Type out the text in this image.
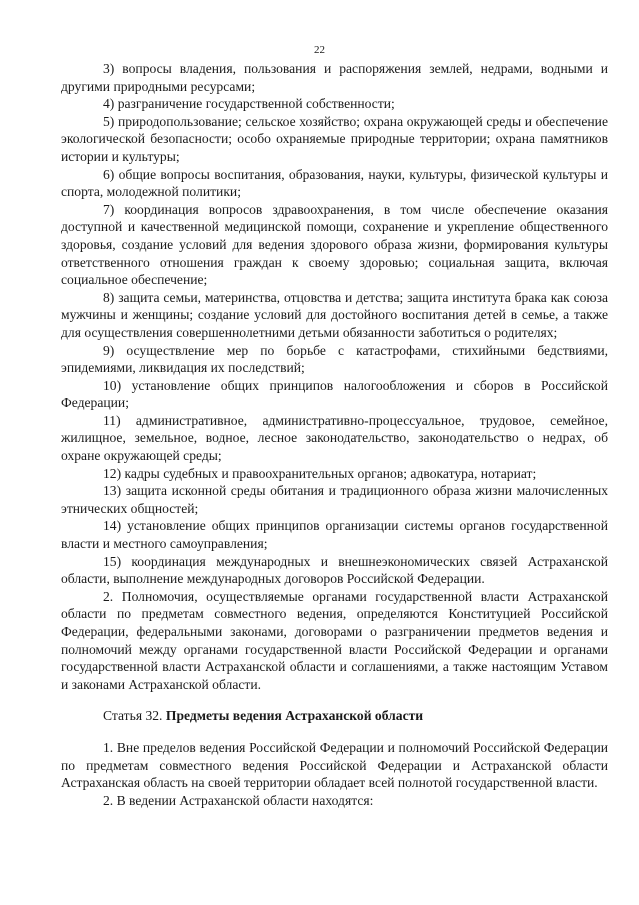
22

3) вопросы владения, пользования и распоряжения землей, недрами, водными и другими природными ресурсами;

4) разграничение государственной собственности;

5) природопользование; сельское хозяйство; охрана окружающей среды и обеспечение экологической безопасности; особо охраняемые природные территории; охрана памятников истории и культуры;

6) общие вопросы воспитания, образования, науки, культуры, физической культуры и спорта, молодежной политики;

7) координация вопросов здравоохранения, в том числе обеспечение оказания доступной и качественной медицинской помощи, сохранение и укрепление общественного здоровья, создание условий для ведения здорового образа жизни, формирования культуры ответственного отношения граждан к своему здоровью; социальная защита, включая социальное обеспечение;

8) защита семьи, материнства, отцовства и детства; защита института брака как союза мужчины и женщины; создание условий для достойного воспитания детей в семье, а также для осуществления совершеннолетними детьми обязанности заботиться о родителях;

9) осуществление мер по борьбе с катастрофами, стихийными бедствиями, эпидемиями, ликвидация их последствий;

10) установление общих принципов налогообложения и сборов в Российской Федерации;

11) административное, административно-процессуальное, трудовое, семейное, жилищное, земельное, водное, лесное законодательство, законодательство о недрах, об охране окружающей среды;

12) кадры судебных и правоохранительных органов; адвокатура, нотариат;

13) защита исконной среды обитания и традиционного образа жизни малочисленных этнических общностей;

14) установление общих принципов организации системы органов государственной власти и местного самоуправления;

15) координация международных и внешнеэкономических связей Астраханской области, выполнение международных договоров Российской Федерации.

2. Полномочия, осуществляемые органами государственной власти Астраханской области по предметам совместного ведения, определяются Конституцией Российской Федерации, федеральными законами, договорами о разграничении предметов ведения и полномочий между органами государственной власти Российской Федерации и органами государственной власти Астраханской области и соглашениями, а также настоящим Уставом и законами Астраханской области.

Статья 32. Предметы ведения Астраханской области

1. Вне пределов ведения Российской Федерации и полномочий Российской Федерации по предметам совместного ведения Российской Федерации и Астраханской области Астраханская область на своей территории обладает всей полнотой государственной власти.

2. В ведении Астраханской области находятся:
